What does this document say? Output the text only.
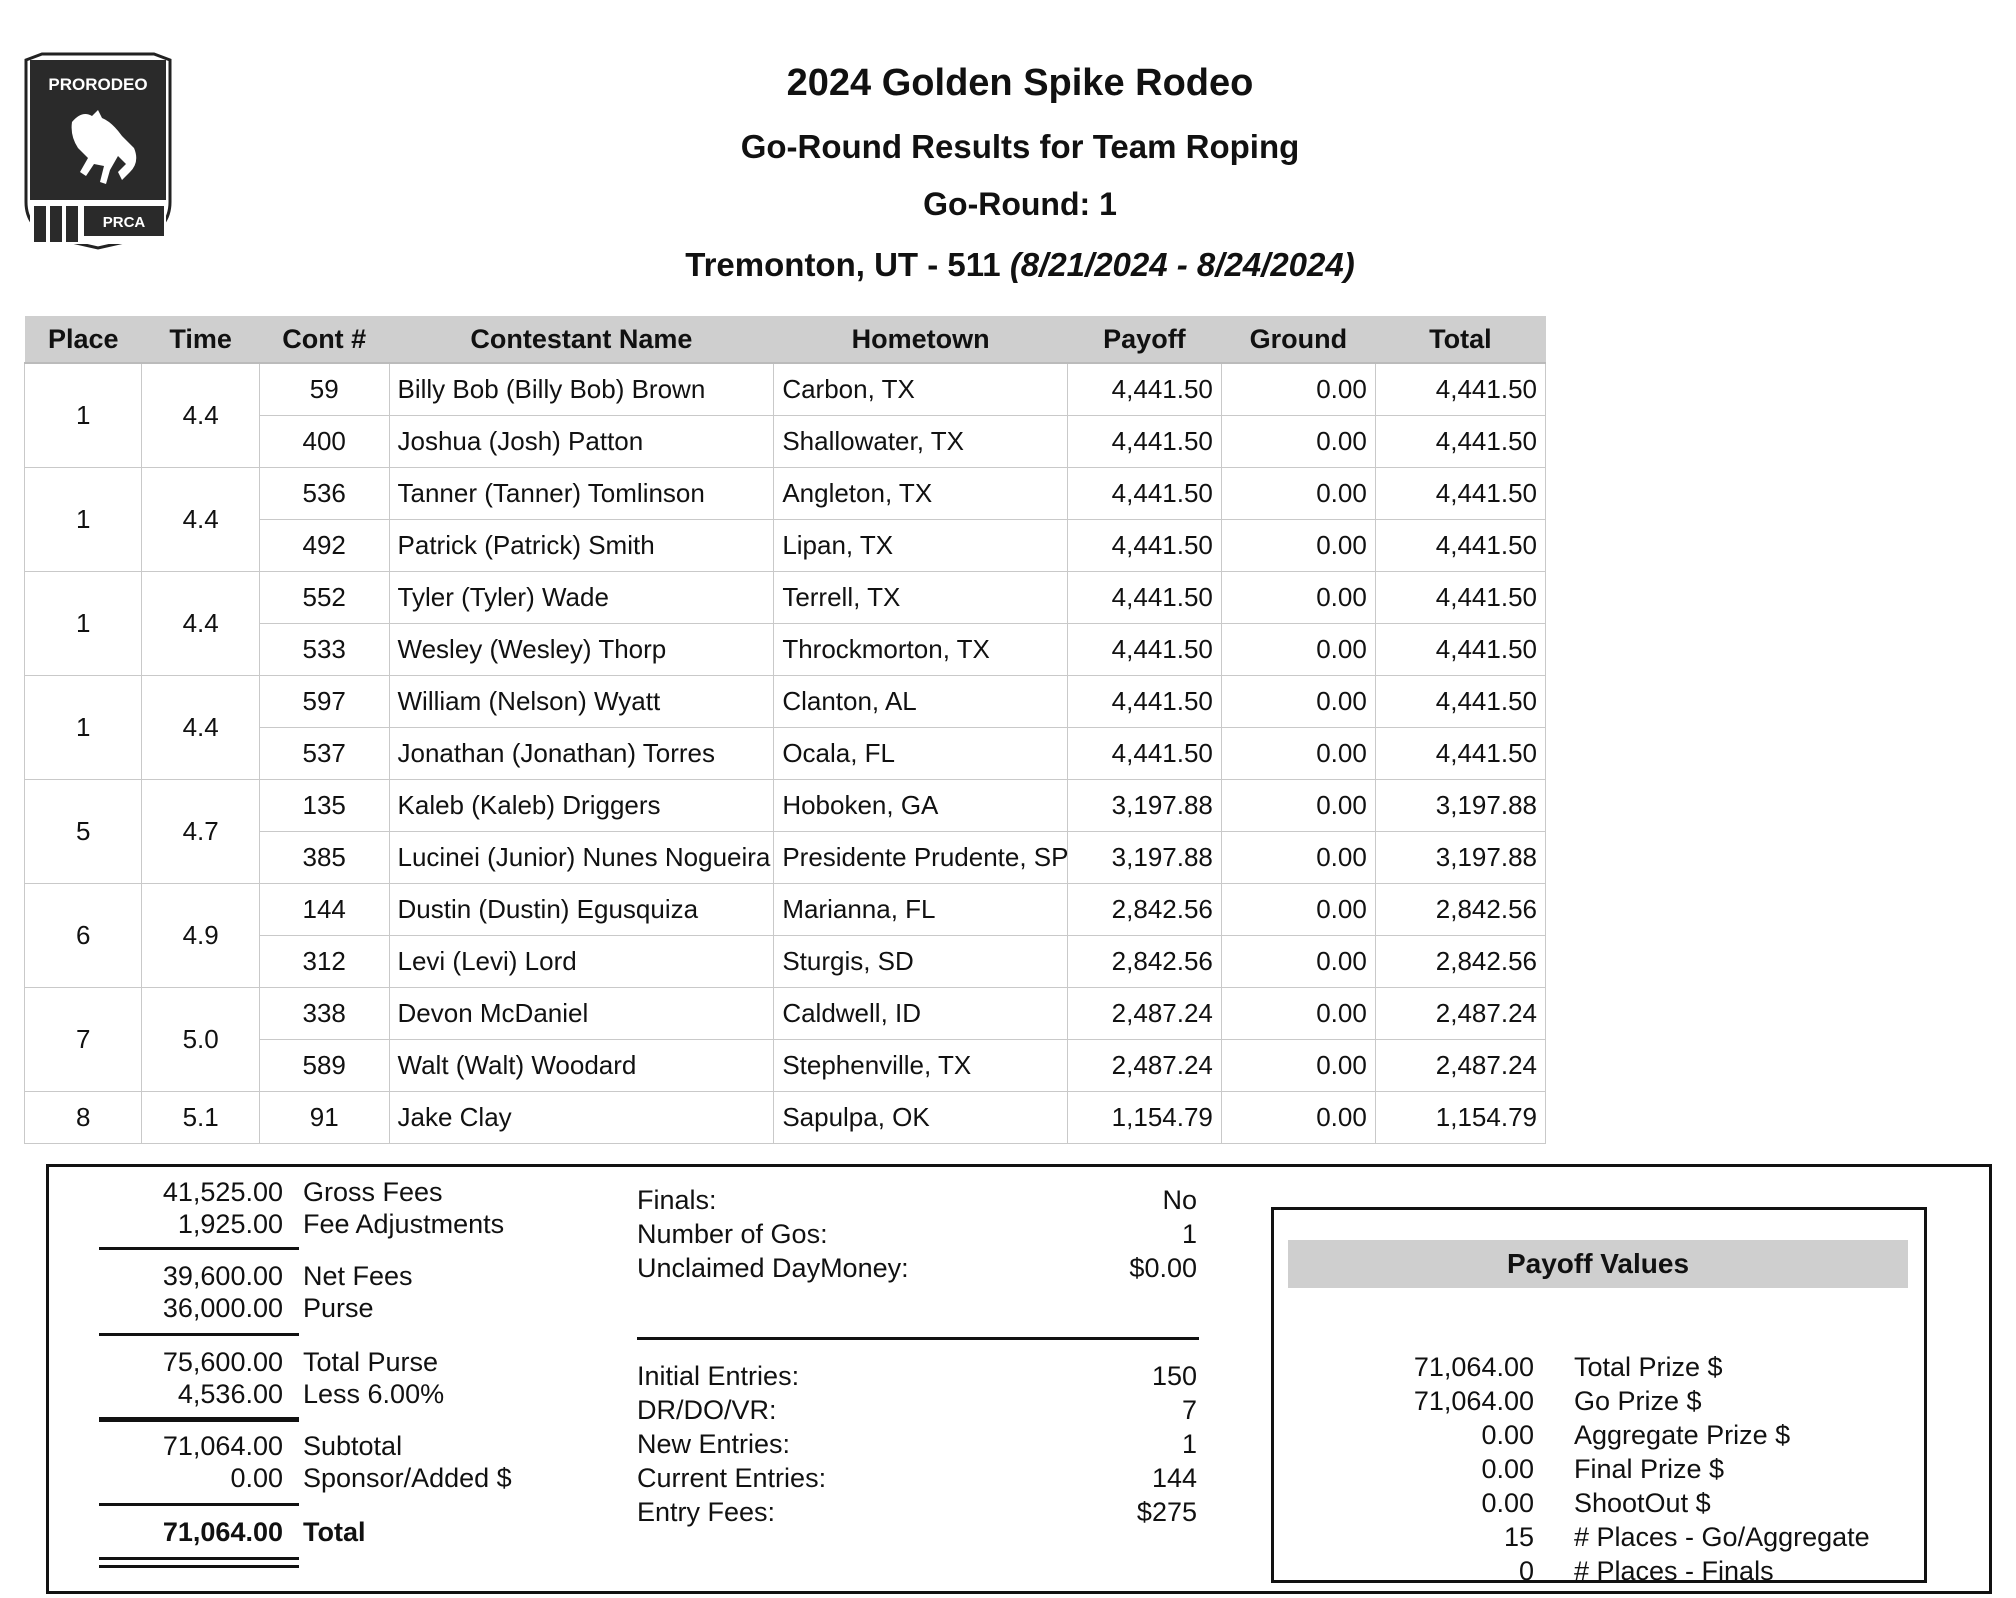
PRORODEO
PRCA
2024 Golden Spike Rodeo
Go-Round Results for Team Roping
Go-Round: 1
Tremonton, UT - 511 (8/21/2024 - 8/24/2024)
Place	Time	Cont #	Contestant Name	Hometown	Payoff	Ground	Total
1	4.4	59	Billy Bob (Billy Bob) Brown	Carbon, TX	4,441.50	0.00	4,441.50
		400	Joshua (Josh) Patton	Shallowater, TX	4,441.50	0.00	4,441.50
1	4.4	536	Tanner (Tanner) Tomlinson	Angleton, TX	4,441.50	0.00	4,441.50
		492	Patrick (Patrick) Smith	Lipan, TX	4,441.50	0.00	4,441.50
1	4.4	552	Tyler (Tyler) Wade	Terrell, TX	4,441.50	0.00	4,441.50
		533	Wesley (Wesley) Thorp	Throckmorton, TX	4,441.50	0.00	4,441.50
1	4.4	597	William (Nelson) Wyatt	Clanton, AL	4,441.50	0.00	4,441.50
		537	Jonathan (Jonathan) Torres	Ocala, FL	4,441.50	0.00	4,441.50
5	4.7	135	Kaleb (Kaleb) Driggers	Hoboken, GA	3,197.88	0.00	3,197.88
		385	Lucinei (Junior) Nunes Nogueira	Presidente Prudente, SP	3,197.88	0.00	3,197.88
6	4.9	144	Dustin (Dustin) Egusquiza	Marianna, FL	2,842.56	0.00	2,842.56
		312	Levi (Levi) Lord	Sturgis, SD	2,842.56	0.00	2,842.56
7	5.0	338	Devon McDaniel	Caldwell, ID	2,487.24	0.00	2,487.24
		589	Walt (Walt) Woodard	Stephenville, TX	2,487.24	0.00	2,487.24
8	5.1	91	Jake Clay	Sapulpa, OK	1,154.79	0.00	1,154.79
41,525.00 Gross Fees
1,925.00 Fee Adjustments
39,600.00 Net Fees
36,000.00 Purse
75,600.00 Total Purse
4,536.00 Less 6.00%
71,064.00 Subtotal
0.00 Sponsor/Added $
71,064.00 Total
Finals:	No
Number of Gos:	1
Unclaimed DayMoney:	$0.00
Initial Entries:	150
DR/DO/VR:	7
New Entries:	1
Current Entries:	144
Entry Fees:	$275
Payoff Values
71,064.00 Total Prize $
71,064.00 Go Prize $
0.00 Aggregate Prize $
0.00 Final Prize $
0.00 ShootOut $
15 # Places - Go/Aggregate
0 # Places - Finals
